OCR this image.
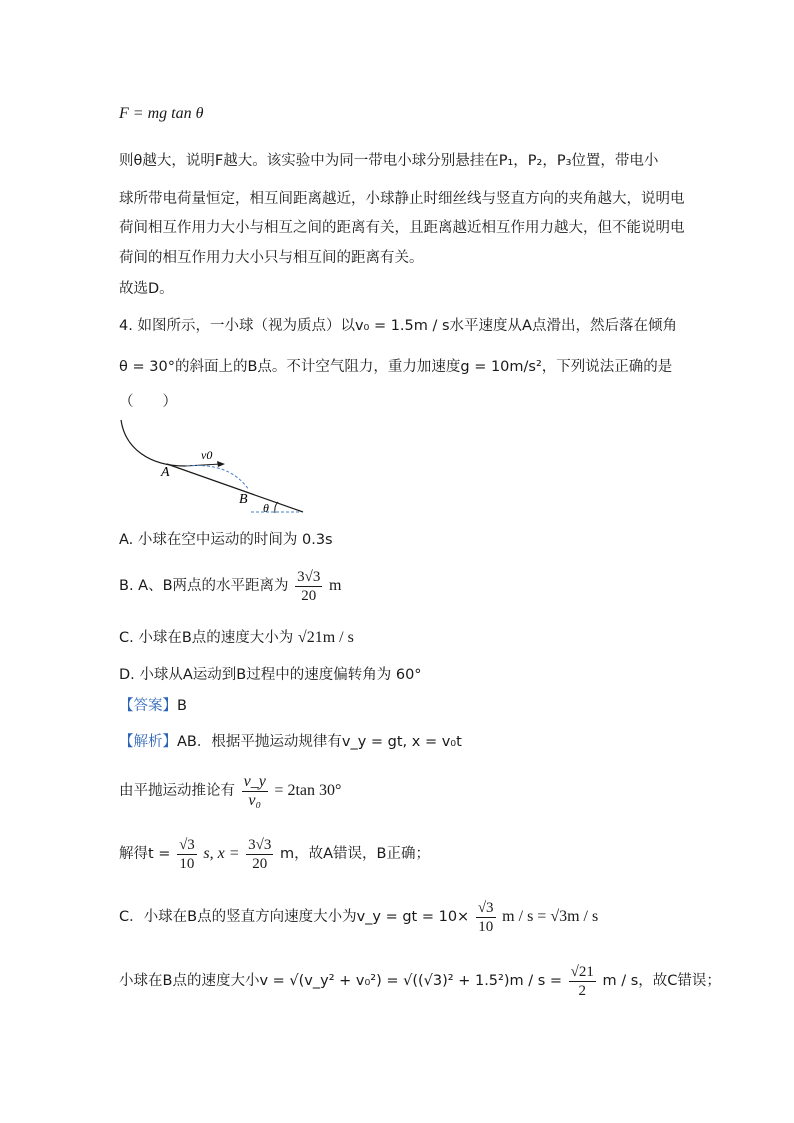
F = mg tan θ
则θ越大，说明F越大。该实验中为同一带电小球分别悬挂在P₁，P₂，P₃位置，带电小
球所带电荷量恒定，相互间距离越近，小球静止时细丝线与竖直方向的夹角越大，说明电
荷间相互作用力大小与相互之间的距离有关，且距离越近相互作用力越大，但不能说明电
荷间的相互作用力大小只与相互间的距离有关。
故选D。
4. 如图所示，一小球（视为质点）以v₀ = 1.5m / s水平速度从A点滑出，然后落在倾角
θ = 30°的斜面上的B点。不计空气阻力，重力加速度g = 10m/s²，下列说法正确的是
（　　）
v0
A
B
θ
A. 小球在空中运动的时间为 0.3s
B. A、B两点的水平距离为 $\frac{3√3}{20}$ m
C. 小球在B点的速度大小为 √21m / s
D. 小球从A运动到B过程中的速度偏转角为 60°
【答案】B
【解析】AB．根据平抛运动规律有v_y = gt, x = v₀t
由平抛运动推论有 $\frac{v\_y}{\text{v₀}} = 2\tan$ 30°
解得$t = \frac{√3}{10} s$, $x = \frac{3√3}{20}$ m，故A错误，B正确；
C．小球在B点的竖直方向速度大小为v_y = gt = $10\times \frac{√3}{10}$ m / s = √3m / s
小球在B点的速度大小v = √(v_y² + $v_0^2) = √((√3)^2 + 1.5^2)m / s = \frac{√21}{2}$ m / s，故C错误；
